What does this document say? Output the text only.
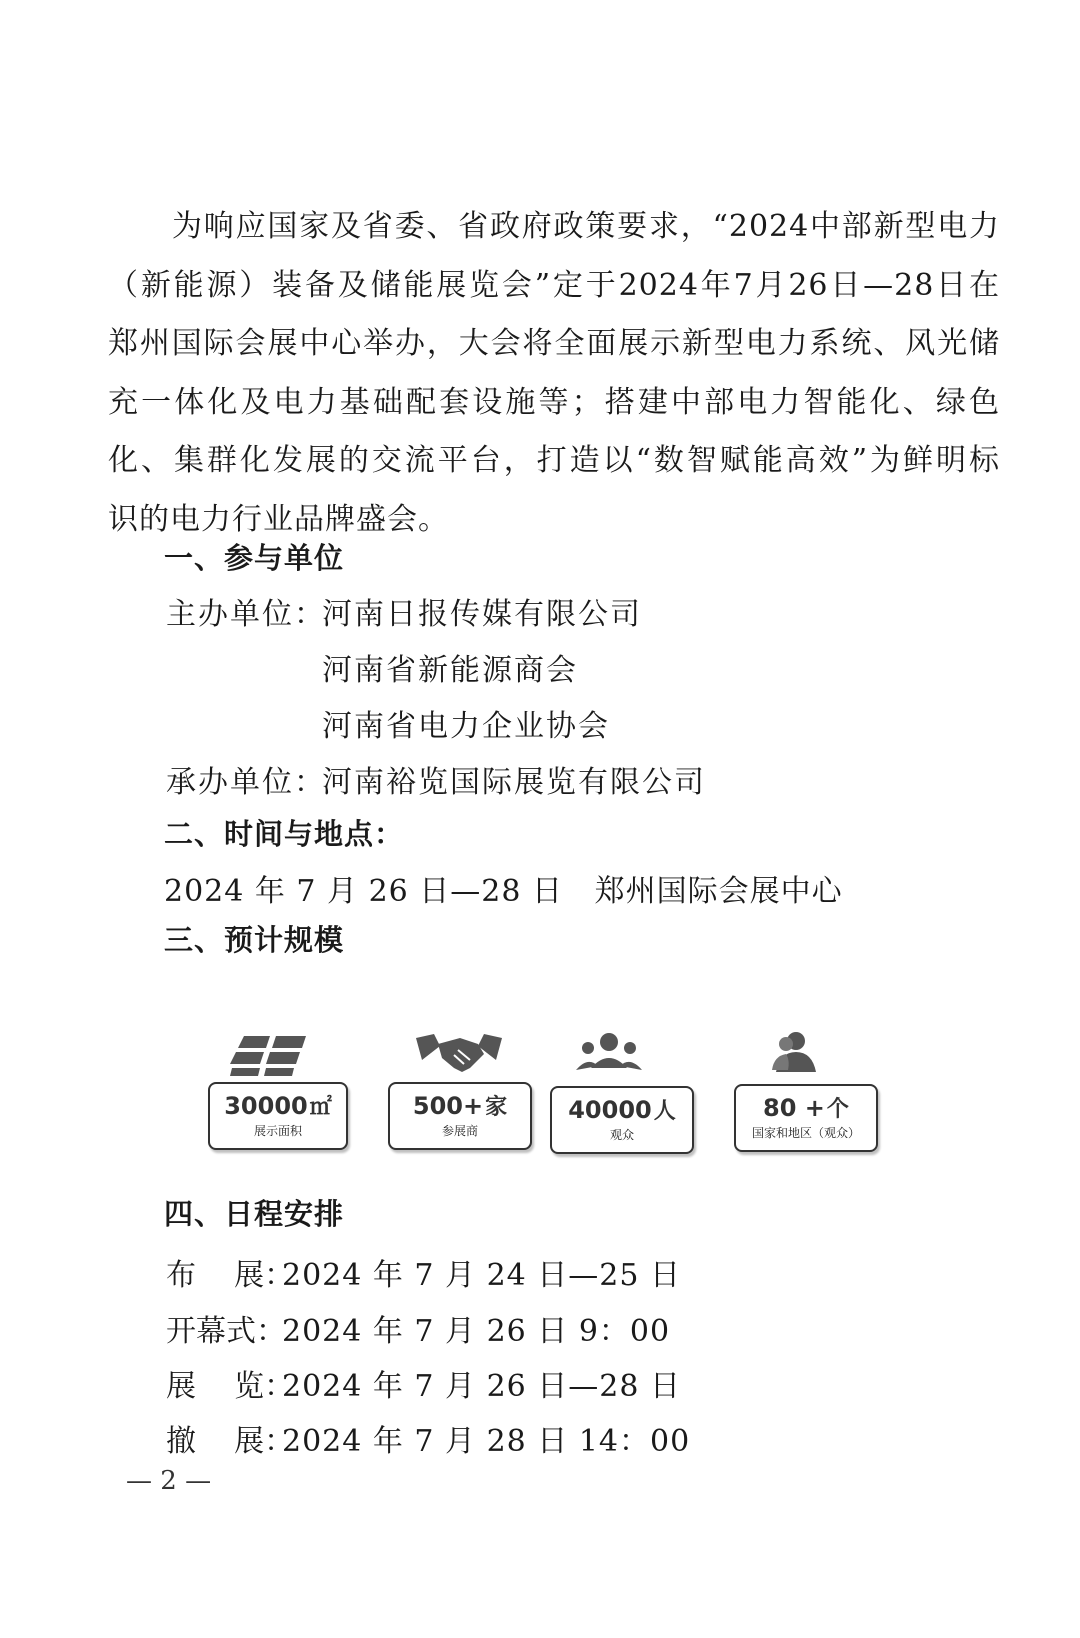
为响应国家及省委、省政府政策要求，“2024中部新型电力
（新能源）装备及储能展览会”定于2024年7月26日—28日在
郑州国际会展中心举办，大会将全面展示新型电力系统、风光储
充一体化及电力基础配套设施等；搭建中部电力智能化、绿色
化、集群化发展的交流平台，打造以“数智赋能高效”为鲜明标
识的电力行业品牌盛会。
一、参与单位
主办单位：
河南日报传媒有限公司
河南省新能源商会
河南省电力企业协会
承办单位：
河南裕览国际展览有限公司
二、时间与地点：
2024 年 7 月 26 日—28 日   郑州国际会展中心
三、预计规模
30000㎡
展示面积
500+家
参展商
40000人
观众
80 +个
国家和地区（观众）
四、日程安排
布    展：
2024 年 7 月 24 日—25 日
开幕式：
2024 年 7 月 26 日 9：00
展    览：
2024 年 7 月 26 日—28 日
撤    展：
2024 年 7 月 28 日 14：00
— 2 —
